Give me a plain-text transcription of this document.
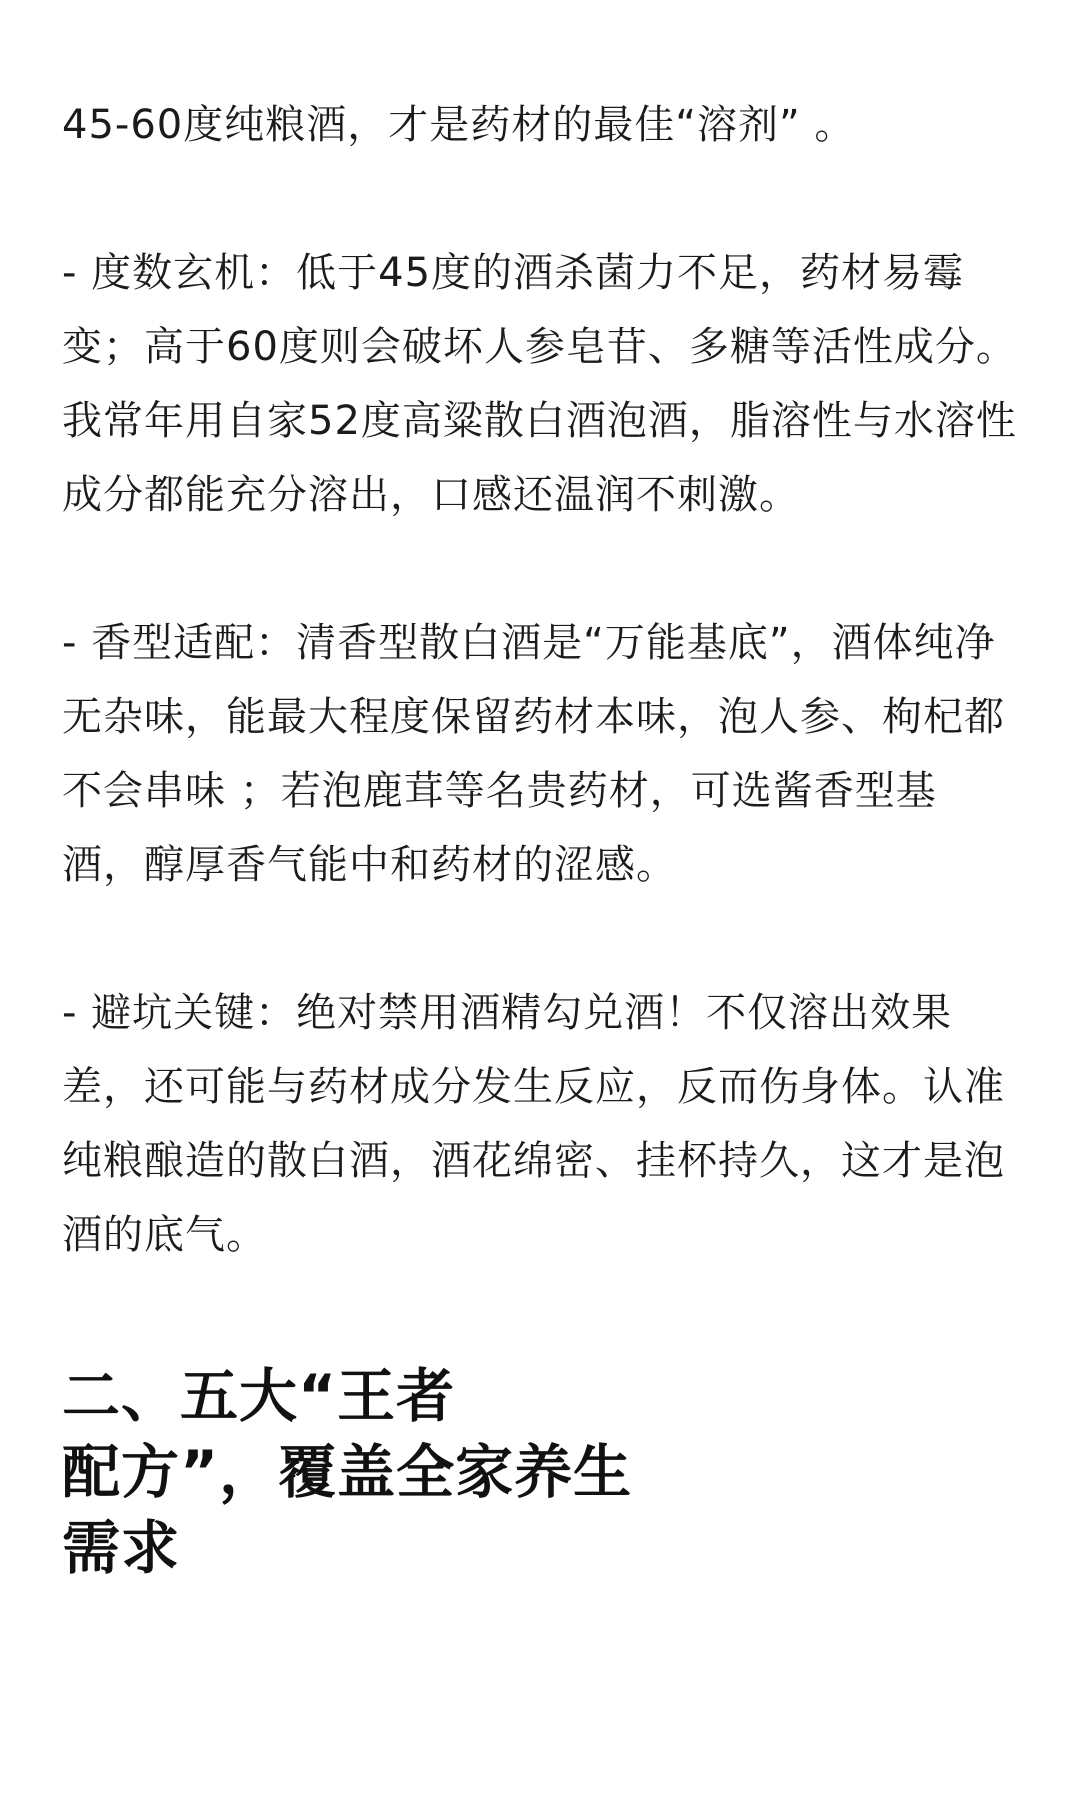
45-60度纯粮酒，才是药材的最佳“溶剂” 。

- 度数玄机：低于45度的酒杀菌力不足，药材易霉变；高于60度则会破坏人参皂苷、多糖等活性成分。我常年用自家52度高粱散白酒泡酒，脂溶性与水溶性成分都能充分溶出，口感还温润不刺激。

- 香型适配：清香型散白酒是“万能基底”，酒体纯净无杂味，能最大程度保留药材本味，泡人参、枸杞都不会串味 ；若泡鹿茸等名贵药材，可选酱香型基酒，醇厚香气能中和药材的涩感。

- 避坑关键：绝对禁用酒精勾兑酒！不仅溶出效果差，还可能与药材成分发生反应，反而伤身体。认准纯粮酿造的散白酒，酒花绵密、挂杯持久，这才是泡酒的底气。

二、五大“王者
配方”，覆盖全家养生
需求
